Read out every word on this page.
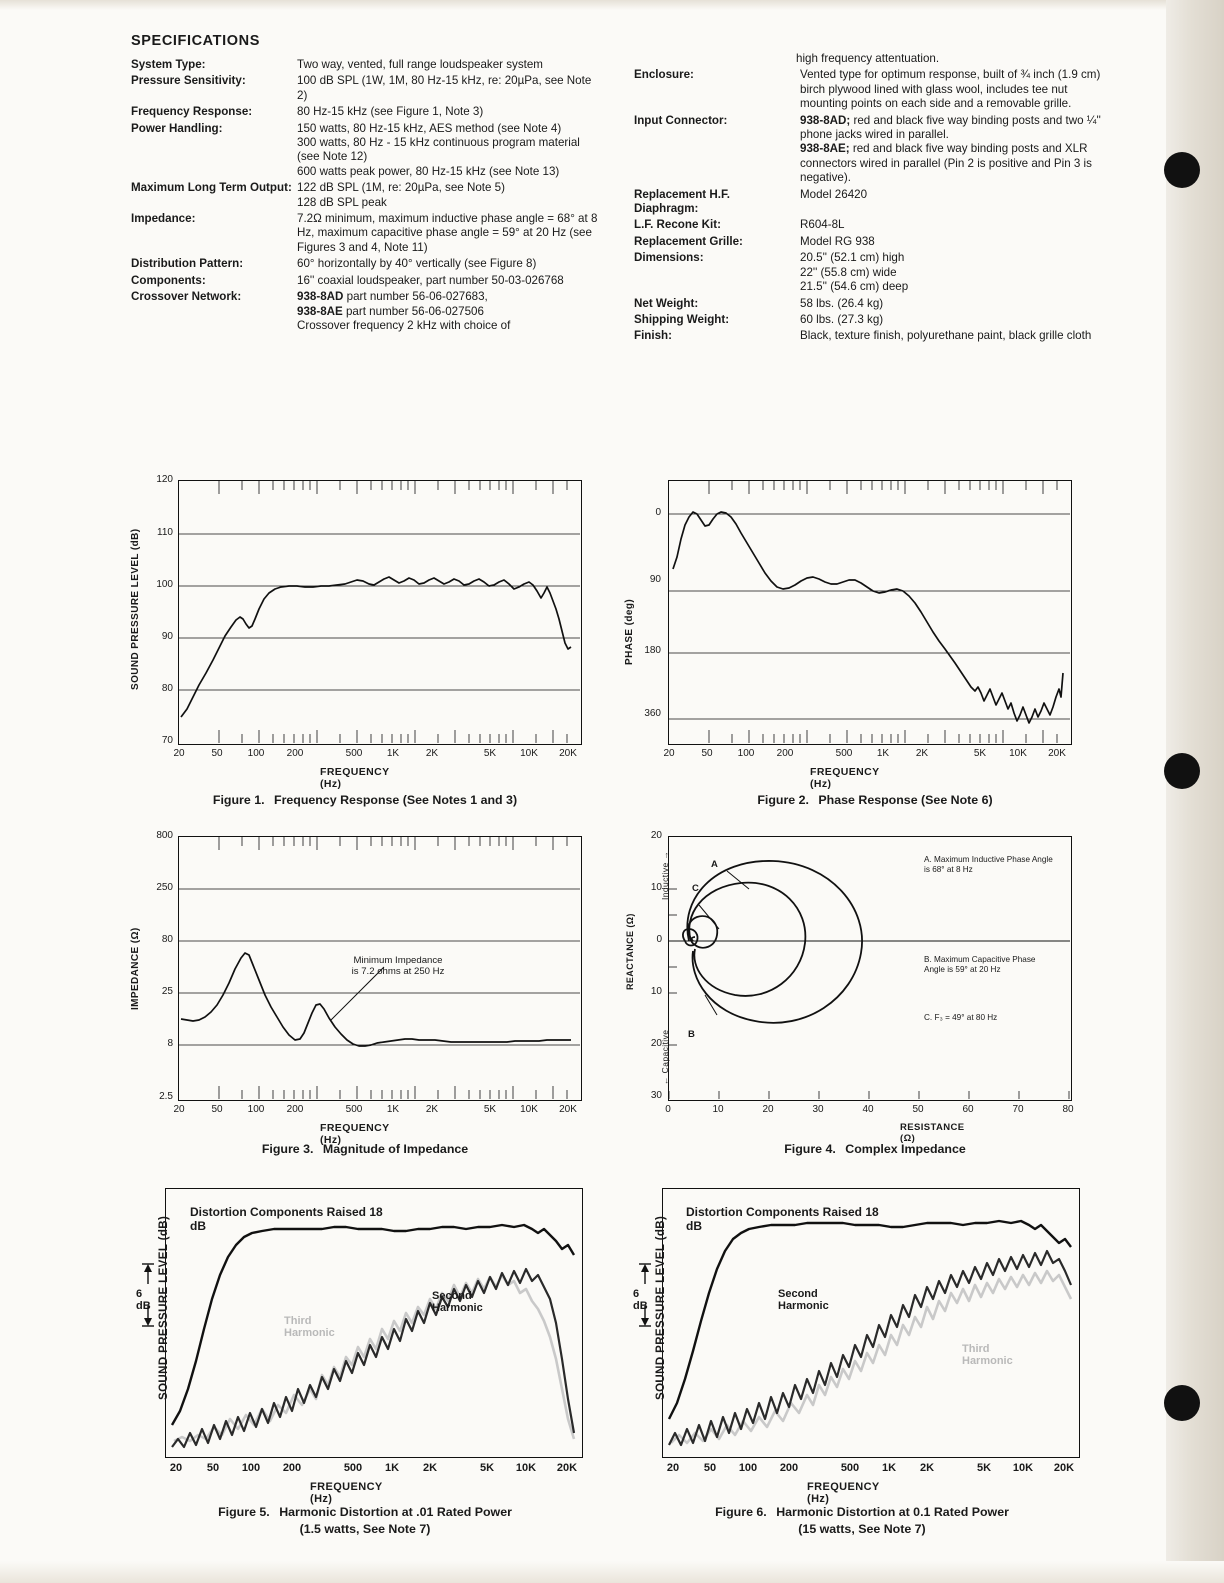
SPECIFICATIONS
System Type:	Two way, vented, full range loudspeaker system
Pressure Sensitivity:	100 dB SPL (1W, 1M, 80 Hz-15 kHz, re: 20µPa, see Note 2)
Frequency Response:	80 Hz-15 kHz (see Figure 1, Note 3)
Power Handling:	150 watts, 80 Hz-15 kHz, AES method (see Note 4)
300 watts, 80 Hz - 15 kHz continuous program material (see Note 12)
600 watts peak power, 80 Hz-15 kHz (see Note 13)
Maximum Long Term Output: 122 dB SPL (1M, re: 20µPa, see Note 5)
128 dB SPL peak
Impedance:	7.2Ω minimum, maximum inductive phase angle = 68° at 8 Hz, maximum capacitive phase angle = 59° at 20 Hz (see Figures 3 and 4, Note 11)
Distribution Pattern:	60° horizontally by 40° vertically (see Figure 8)
Components:	16'' coaxial loudspeaker, part number 50-03-026768
Crossover Network:	938-8AD part number 56-06-027683,
938-8AE part number 56-06-027506
Crossover frequency 2 kHz with choice of
high frequency attentuation.
Enclosure:	Vented type for optimum response, built of ¾ inch (1.9 cm) birch plywood lined with glass wool, includes tee nut mounting points on each side and a removable grille.
Input Connector:	938-8AD; red and black five way binding posts and two ¼'' phone jacks wired in parallel.
938-8AE; red and black five way binding posts and XLR connectors wired in parallel (Pin 2 is positive and Pin 3 is negative).
Replacement H.F. Diaphragm:
Model 26420
L.F. Recone Kit:	R604-8L
Replacement Grille:	Model RG 938
Dimensions:	20.5'' (52.1 cm) high
22'' (55.8 cm) wide
21.5'' (54.6 cm) deep
Net Weight:	58 lbs. (26.4 kg)
Shipping Weight:	60 lbs. (27.3 kg)
Finish:	Black, texture finish, polyurethane paint, black grille cloth
120
110
100
90
80
70
SOUND PRESSURE LEVEL (dB)
20	50	100	200	500	1K	2K	5K	10K	20K
FREQUENCY (Hz)
Figure 1. Frequency Response (See Notes 1 and 3)
0
90
180
360
PHASE (deg)
20	50	100	200	500	1K	2K	5K	10K	20K
FREQUENCY (Hz)
Figure 2. Phase Response (See Note 6)
800
250
80
25
8
2.5
IMPEDANCE (Ω)	Minimum Impedance
is 7.2 ohms at 250 Hz
20	50	100	200	500	1K	2K	5K	10K	20K
FREQUENCY (Hz)
Figure 3. Magnitude of Impedance
20
10
0
10
20
30
REACTANCE (Ω)
Inductive →
← Capacitive
A
B
C
A. Maximum Inductive Phase Angle is 68° at 8 Hz
B. Maximum Capacitive Phase Angle is 59° at 20 Hz
C. F₃ = 49° at 80 Hz
0	10	20	30	40	50	60	70	80
RESISTANCE (Ω)
Figure 4. Complex Impedance
Distortion Components Raised 18 dB
Second Harmonic
Third Harmonic
6 dB SOUND PRESSURE LEVEL (dB)
20	50	100	200	500	1K	2K	5K	10K	20K
FREQUENCY (Hz)
Figure 5. Harmonic Distortion at .01 Rated Power
(1.5 watts, See Note 7)
Distortion Components Raised 18 dB
Second Harmonic
Third Harmonic
6 dB SOUND PRESSURE LEVEL (dB)
20	50	100	200	500	1K	2K	5K	10K	20K
FREQUENCY (Hz)
Figure 6. Harmonic Distortion at 0.1 Rated Power
(15 watts, See Note 7)
